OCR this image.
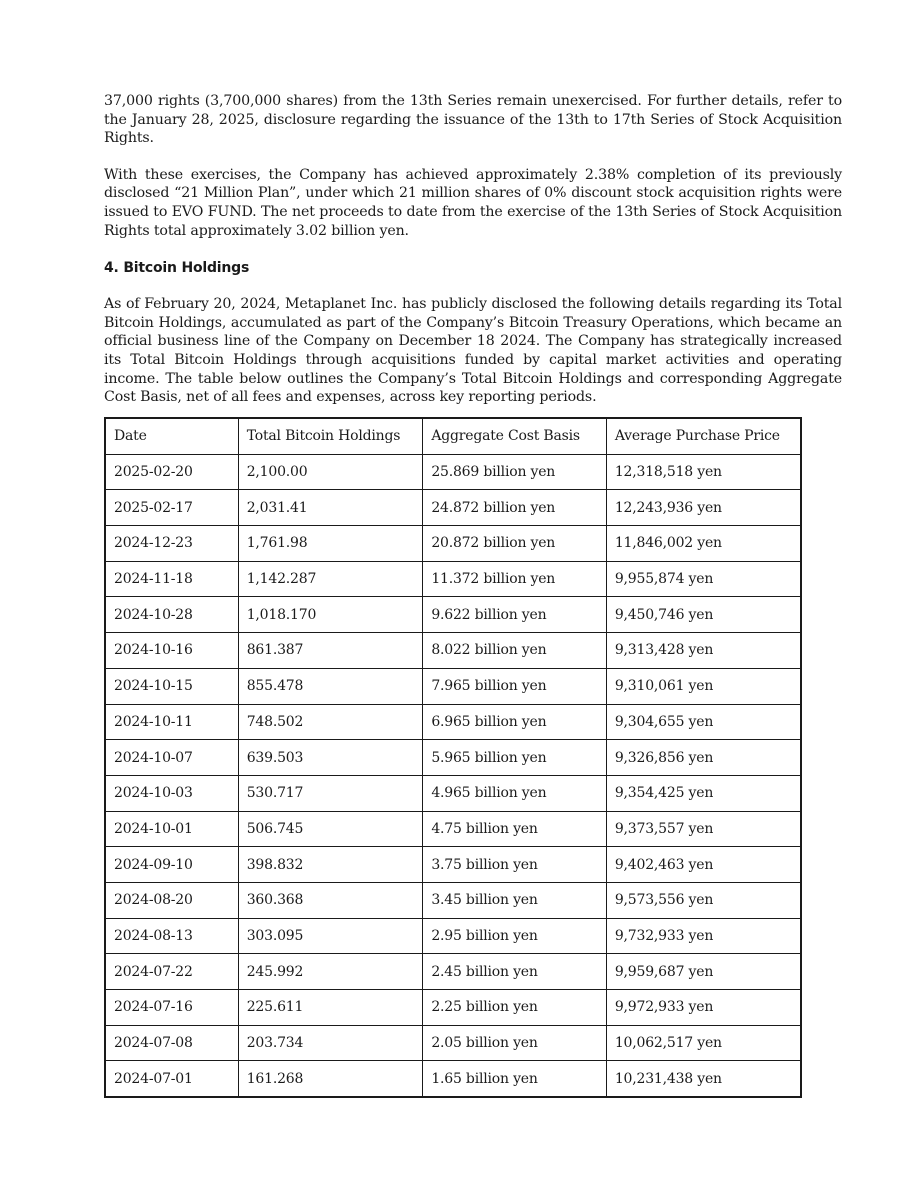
37,000 rights (3,700,000 shares) from the 13th Series remain unexercised. For further details, refer to the January 28, 2025, disclosure regarding the issuance of the 13th to 17th Series of Stock Acquisition Rights.

With these exercises, the Company has achieved approximately 2.38% completion of its previously disclosed “21 Million Plan”, under which 21 million shares of 0% discount stock acquisition rights were issued to EVO FUND. The net proceeds to date from the exercise of the 13th Series of Stock Acquisition Rights total approximately 3.02 billion yen.

4. Bitcoin Holdings

As of February 20, 2024, Metaplanet Inc. has publicly disclosed the following details regarding its Total Bitcoin Holdings, accumulated as part of the Company’s Bitcoin Treasury Operations, which became an official business line of the Company on December 18 2024. The Company has strategically increased its Total Bitcoin Holdings through acquisitions funded by capital market activities and operating income. The table below outlines the Company’s Total Bitcoin Holdings and corresponding Aggregate Cost Basis, net of all fees and expenses, across key reporting periods.

Date	Total Bitcoin Holdings	Aggregate Cost Basis	Average Purchase Price
2025-02-20	2,100.00	25.869 billion yen	12,318,518 yen
2025-02-17	2,031.41	24.872 billion yen	12,243,936 yen
2024-12-23	1,761.98	20.872 billion yen	11,846,002 yen
2024-11-18	1,142.287	11.372 billion yen	9,955,874 yen
2024-10-28	1,018.170	9.622 billion yen	9,450,746 yen
2024-10-16	861.387	8.022 billion yen	9,313,428 yen
2024-10-15	855.478	7.965 billion yen	9,310,061 yen
2024-10-11	748.502	6.965 billion yen	9,304,655 yen
2024-10-07	639.503	5.965 billion yen	9,326,856 yen
2024-10-03	530.717	4.965 billion yen	9,354,425 yen
2024-10-01	506.745	4.75 billion yen	9,373,557 yen
2024-09-10	398.832	3.75 billion yen	9,402,463 yen
2024-08-20	360.368	3.45 billion yen	9,573,556 yen
2024-08-13	303.095	2.95 billion yen	9,732,933 yen
2024-07-22	245.992	2.45 billion yen	9,959,687 yen
2024-07-16	225.611	2.25 billion yen	9,972,933 yen
2024-07-08	203.734	2.05 billion yen	10,062,517 yen
2024-07-01	161.268	1.65 billion yen	10,231,438 yen
